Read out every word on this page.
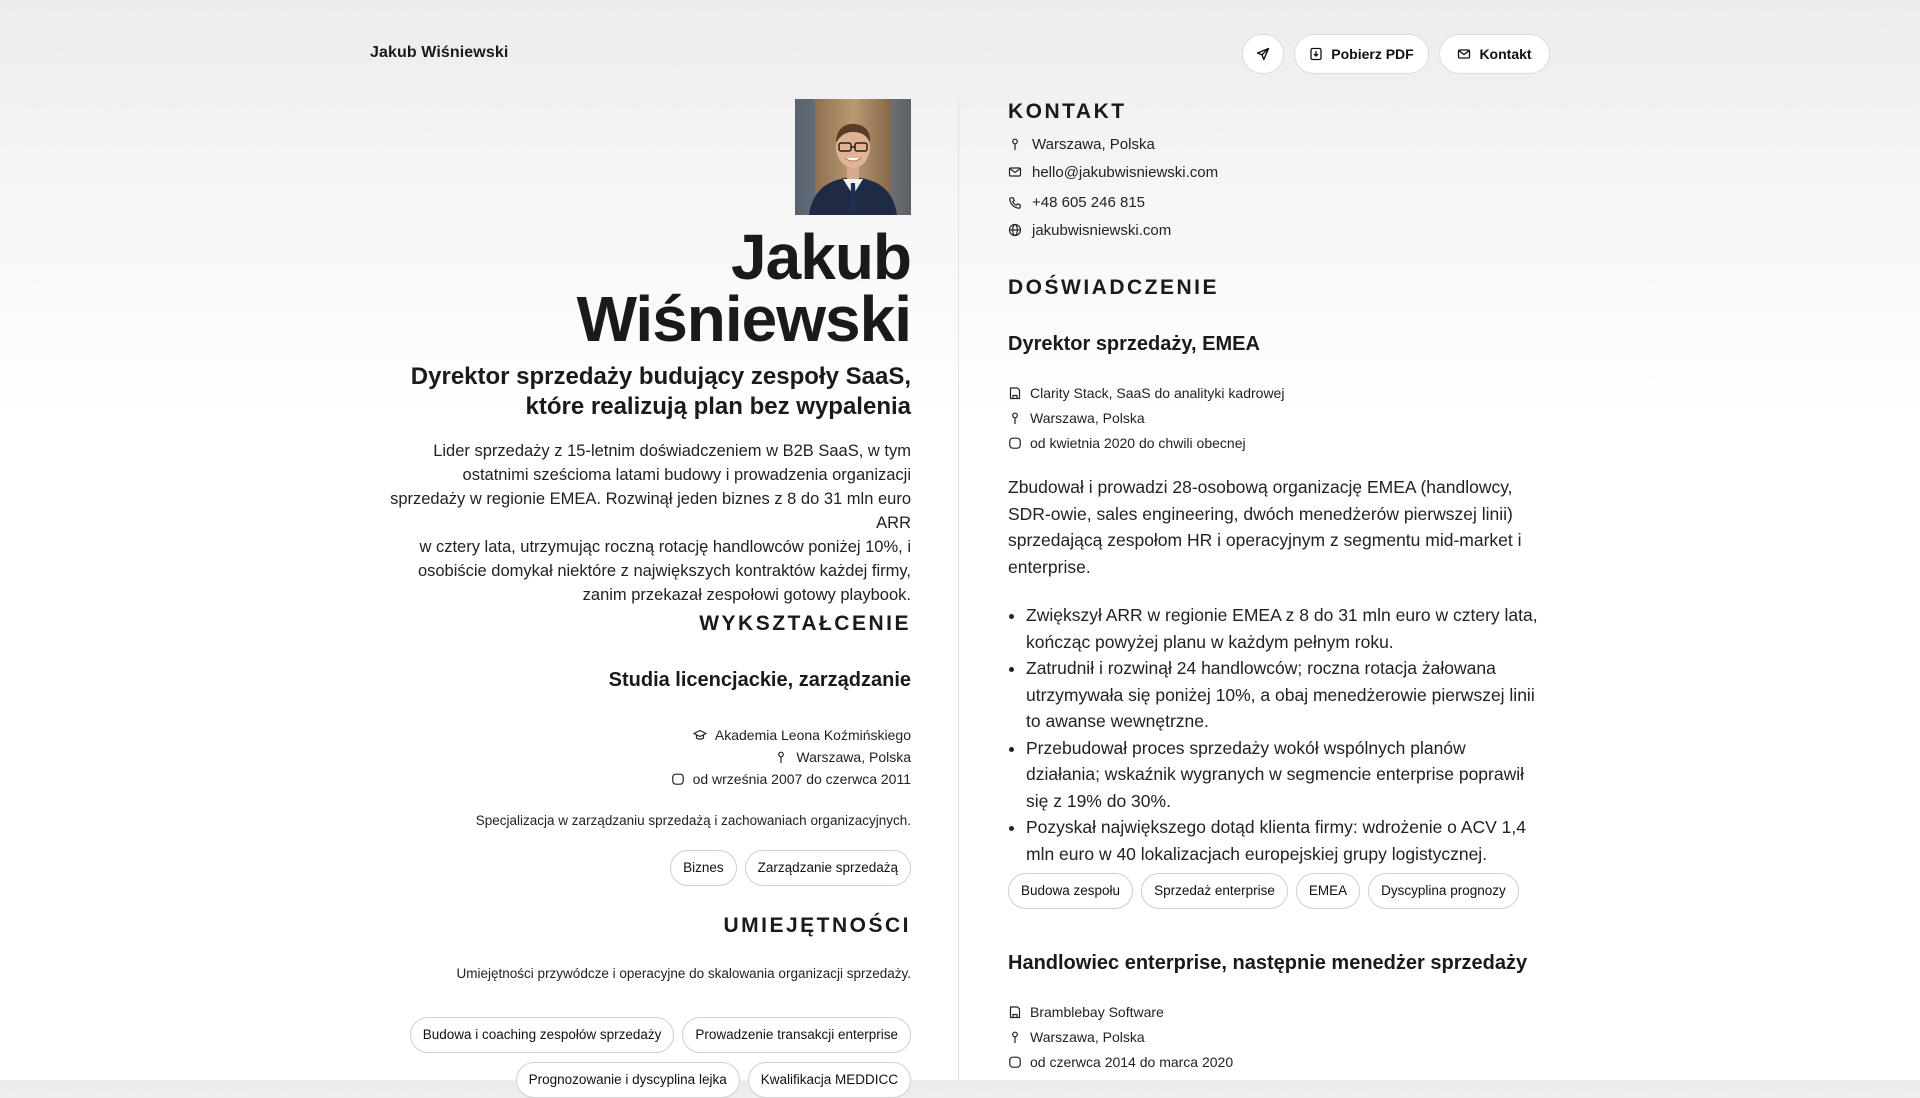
Jakub Wiśniewski	Pobierz PDF	Kontakt
Jakub
Wiśniewski
Dyrektor sprzedaży budujący zespoły SaaS,
które realizują plan bez wypalenia
Lider sprzedaży z 15-letnim doświadczeniem w B2B SaaS, w tym
ostatnimi sześcioma latami budowy i prowadzenia organizacji
sprzedaży w regionie EMEA. Rozwinął jeden biznes z 8 do 31 mln euro ARR
w cztery lata, utrzymując roczną rotację handlowców poniżej 10%, i
osobiście domykał niektóre z największych kontraktów każdej firmy,
zanim przekazał zespołowi gotowy playbook.
WYKSZTAŁCENIE
Studia licencjackie, zarządzanie
Akademia Leona Koźmińskiego
Warszawa, Polska
od września 2007 do czerwca 2011
Specjalizacja w zarządzaniu sprzedażą i zachowaniach organizacyjnych.
Biznes	Zarządzanie sprzedażą
UMIEJĘTNOŚCI
Umiejętności przywódcze i operacyjne do skalowania organizacji sprzedaży.
Budowa i coaching zespołów sprzedaży	Prowadzenie transakcji enterprise
Prognozowanie i dyscyplina lejka	Kwalifikacja MEDDICC
KONTAKT
Warszawa, Polska
hello@jakubwisniewski.com
+48 605 246 815
jakubwisniewski.com
DOŚWIADCZENIE
Dyrektor sprzedaży, EMEA
Clarity Stack, SaaS do analityki kadrowej
Warszawa, Polska
od kwietnia 2020 do chwili obecnej
Zbudował i prowadzi 28-osobową organizację EMEA (handlowcy,
SDR-owie, sales engineering, dwóch menedżerów pierwszej linii)
sprzedającą zespołom HR i operacyjnym z segmentu mid-market i
enterprise.
• Zwiększył ARR w regionie EMEA z 8 do 31 mln euro w cztery lata,
kończąc powyżej planu w każdym pełnym roku.
• Zatrudnił i rozwinął 24 handlowców; roczna rotacja żałowana
utrzymywała się poniżej 10%, a obaj menedżerowie pierwszej linii
to awanse wewnętrzne.
• Przebudował proces sprzedaży wokół wspólnych planów
działania; wskaźnik wygranych w segmencie enterprise poprawił
się z 19% do 30%.
• Pozyskał największego dotąd klienta firmy: wdrożenie o ACV 1,4
mln euro w 40 lokalizacjach europejskiej grupy logistycznej.
Budowa zespołu	Sprzedaż enterprise	EMEA	Dyscyplina prognozy
Handlowiec enterprise, następnie menedżer sprzedaży
Bramblebay Software
Warszawa, Polska
od czerwca 2014 do marca 2020
